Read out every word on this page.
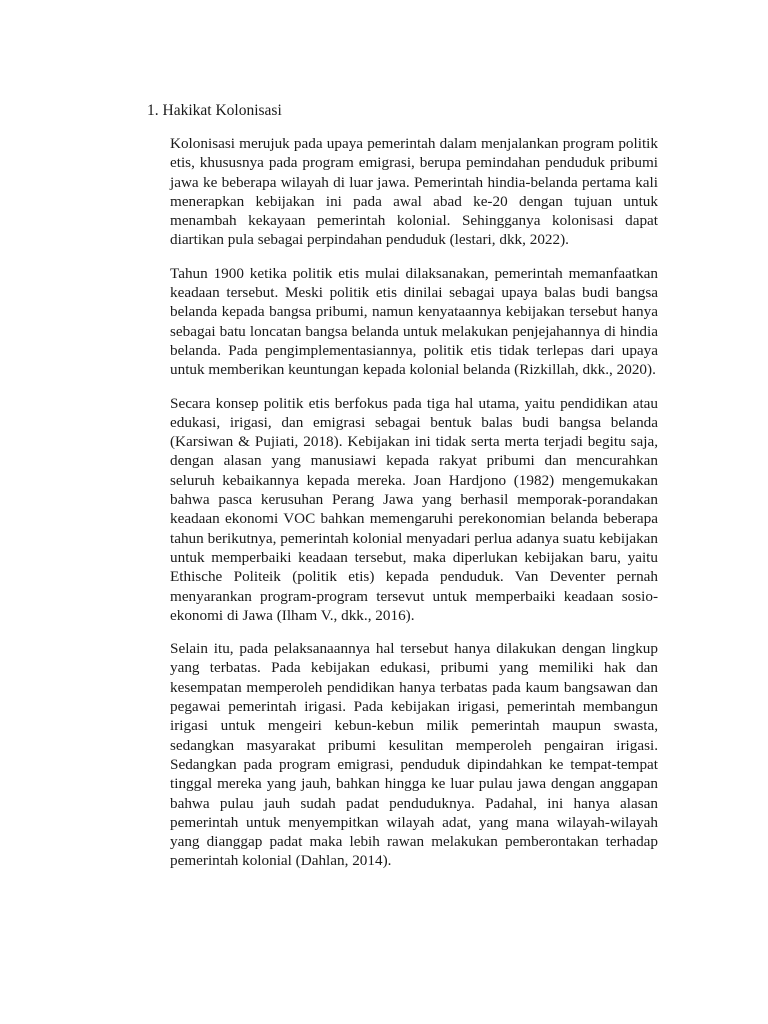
1. Hakikat Kolonisasi

Kolonisasi merujuk pada upaya pemerintah dalam menjalankan program politik etis, khususnya pada program emigrasi, berupa pemindahan penduduk pribumi jawa ke beberapa wilayah di luar jawa. Pemerintah hindia-belanda pertama kali menerapkan kebijakan ini pada awal abad ke-20 dengan tujuan untuk menambah kekayaan pemerintah kolonial. Sehingganya kolonisasi dapat diartikan pula sebagai perpindahan penduduk (lestari, dkk, 2022).

Tahun 1900 ketika politik etis mulai dilaksanakan, pemerintah memanfaatkan keadaan tersebut. Meski politik etis dinilai sebagai upaya balas budi bangsa belanda kepada bangsa pribumi, namun kenyataannya kebijakan tersebut hanya sebagai batu loncatan bangsa belanda untuk melakukan penjejahannya di hindia belanda. Pada pengimplementasiannya, politik etis tidak terlepas dari upaya untuk memberikan keuntungan kepada kolonial belanda (Rizkillah, dkk., 2020).

Secara konsep politik etis berfokus pada tiga hal utama, yaitu pendidikan atau edukasi, irigasi, dan emigrasi sebagai bentuk balas budi bangsa belanda (Karsiwan & Pujiati, 2018). Kebijakan ini tidak serta merta terjadi begitu saja, dengan alasan yang manusiawi kepada rakyat pribumi dan mencurahkan seluruh kebaikannya kepada mereka. Joan Hardjono (1982) mengemukakan bahwa pasca kerusuhan Perang Jawa yang berhasil memporak-porandakan keadaan ekonomi VOC bahkan memengaruhi perekonomian belanda beberapa tahun berikutnya, pemerintah kolonial menyadari perlua adanya suatu kebijakan untuk memperbaiki keadaan tersebut, maka diperlukan kebijakan baru, yaitu Ethische Politeik (politik etis) kepada penduduk. Van Deventer pernah menyarankan program-program tersevut untuk memperbaiki keadaan sosio-ekonomi di Jawa (Ilham V., dkk., 2016).

Selain itu, pada pelaksanaannya hal tersebut hanya dilakukan dengan lingkup yang terbatas. Pada kebijakan edukasi, pribumi yang memiliki hak dan kesempatan memperoleh pendidikan hanya terbatas pada kaum bangsawan dan pegawai pemerintah irigasi. Pada kebijakan irigasi, pemerintah membangun irigasi untuk mengeiri kebun-kebun milik pemerintah maupun swasta, sedangkan masyarakat pribumi kesulitan memperoleh pengairan irigasi. Sedangkan pada program emigrasi, penduduk dipindahkan ke tempat-tempat tinggal mereka yang jauh, bahkan hingga ke luar pulau jawa dengan anggapan bahwa pulau jauh sudah padat penduduknya. Padahal, ini hanya alasan pemerintah untuk menyempitkan wilayah adat, yang mana wilayah-wilayah yang dianggap padat maka lebih rawan melakukan pemberontakan terhadap pemerintah kolonial (Dahlan, 2014).
